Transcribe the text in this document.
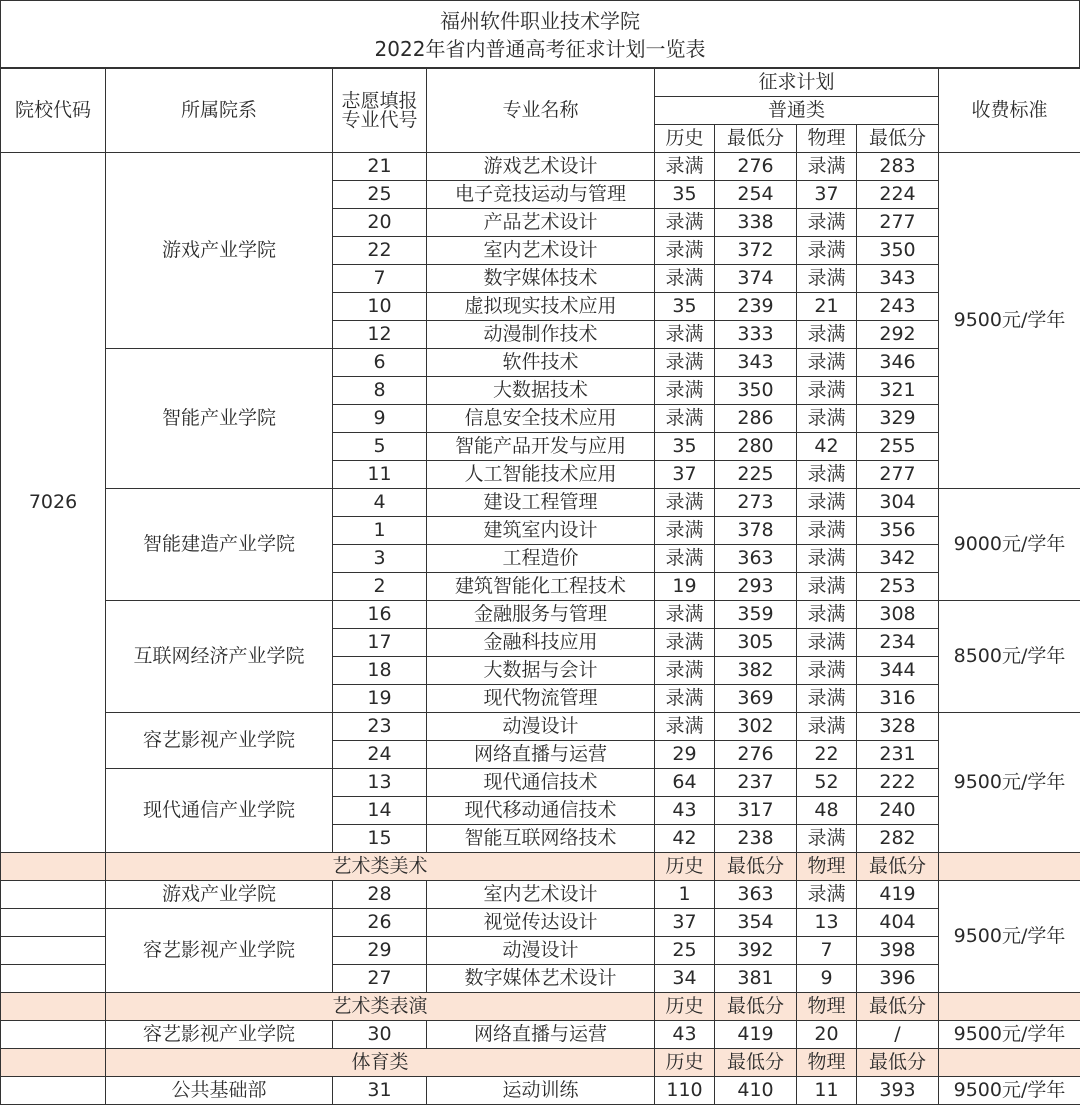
福州软件职业技术学院
2022年省内普通高考征求计划一览表
院校代码	所属院系	志愿填报
专业代号	专业名称	征求计划				收费标准
				普通类				
				历史	最低分	物理	最低分	
7026	游戏产业学院	21	游戏艺术设计	录满	276	录满	283	9500元/学年
		25	电子竞技运动与管理	35	254	37	224	
		20	产品艺术设计	录满	338	录满	277	
		22	室内艺术设计	录满	372	录满	350	
		7	数字媒体技术	录满	374	录满	343	
		10	虚拟现实技术应用	35	239	21	243	
		12	动漫制作技术	录满	333	录满	292	
	智能产业学院	6	软件技术	录满	343	录满	346	
		8	大数据技术	录满	350	录满	321	
		9	信息安全技术应用	录满	286	录满	329	
		5	智能产品开发与应用	35	280	42	255	
		11	人工智能技术应用	37	225	录满	277	
	智能建造产业学院	4	建设工程管理	录满	273	录满	304	9000元/学年
		1	建筑室内设计	录满	378	录满	356	
		3	工程造价	录满	363	录满	342	
		2	建筑智能化工程技术	19	293	录满	253	
	互联网经济产业学院	16	金融服务与管理	录满	359	录满	308	8500元/学年
		17	金融科技应用	录满	305	录满	234	
		18	大数据与会计	录满	382	录满	344	
		19	现代物流管理	录满	369	录满	316	
	容艺影视产业学院	23	动漫设计	录满	302	录满	328	9500元/学年
		24	网络直播与运营	29	276	22	231	
	现代通信产业学院	13	现代通信技术	64	237	52	222	
		14	现代移动通信技术	43	317	48	240	
		15	智能互联网络技术	42	238	录满	282	
	艺术类美术			历史	最低分	物理	最低分	
	游戏产业学院	28	室内艺术设计	1	363	录满	419	9500元/学年
	容艺影视产业学院	26	视觉传达设计	37	354	13	404	
		29	动漫设计	25	392	7	398	
		27	数字媒体艺术设计	34	381	9	396	
	艺术类表演			历史	最低分	物理	最低分	
	容艺影视产业学院	30	网络直播与运营	43	419	20	/	9500元/学年
	体育类			历史	最低分	物理	最低分	
	公共基础部	31	运动训练	110	410	11	393	9500元/学年
